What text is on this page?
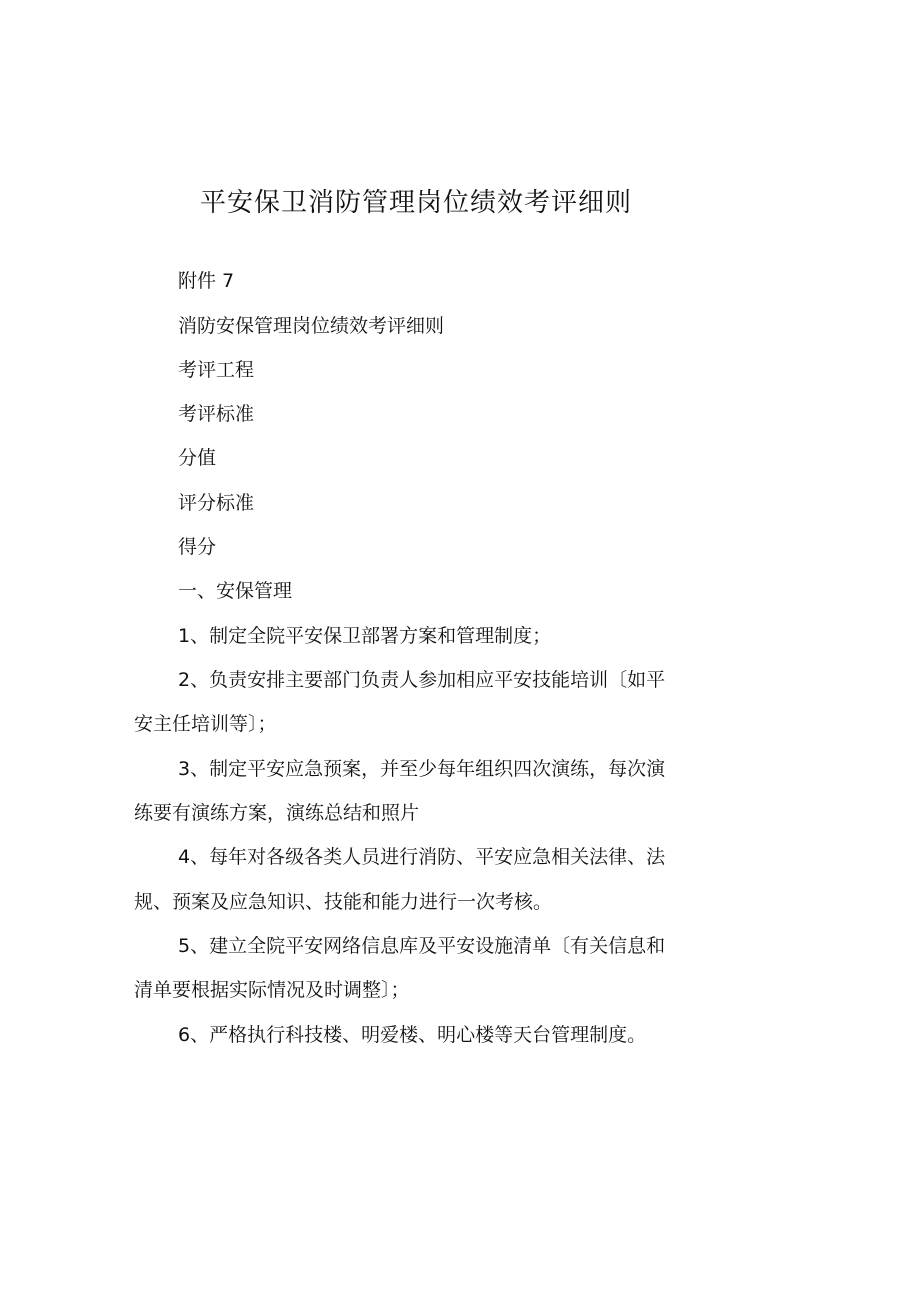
平安保卫消防管理岗位绩效考评细则
附件 7
消防安保管理岗位绩效考评细则
考评工程
考评标准
分值
评分标准
得分
一、安保管理
1、制定全院平安保卫部署方案和管理制度；
2、负责安排主要部门负责人参加相应平安技能培训〔如平
安主任培训等〕；
3、制定平安应急预案，并至少每年组织四次演练，每次演
练要有演练方案，演练总结和照片
4、每年对各级各类人员进行消防、平安应急相关法律、法
规、预案及应急知识、技能和能力进行一次考核。
5、建立全院平安网络信息库及平安设施清单〔有关信息和
清单要根据实际情况及时调整〕；
6、严格执行科技楼、明爱楼、明心楼等天台管理制度。
